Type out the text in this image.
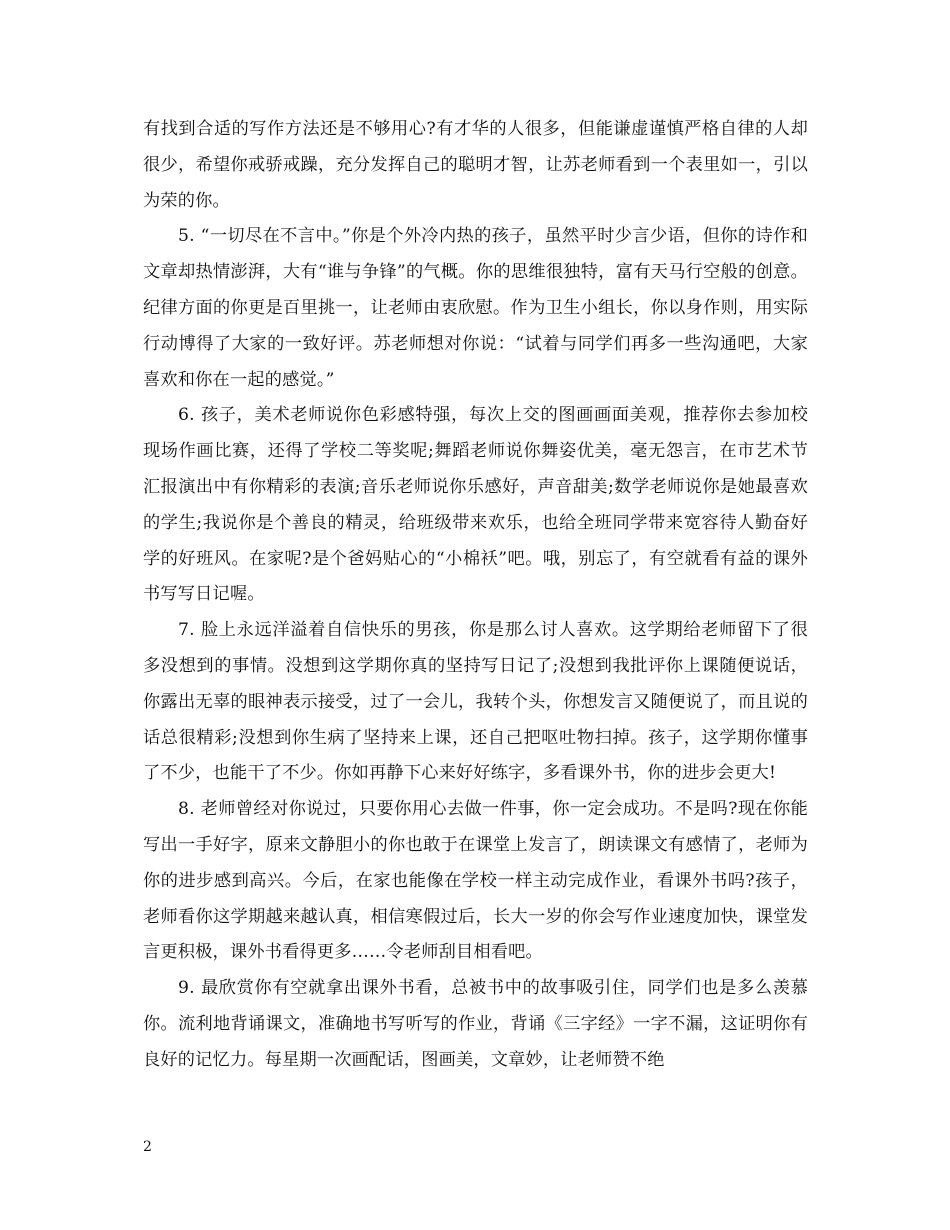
有找到合适的写作方法还是不够用心?有才华的人很多，但能谦虚谨慎严格自律的人却很少，希望你戒骄戒躁，充分发挥自己的聪明才智，让苏老师看到一个表里如一，引以为荣的你。

5. “一切尽在不言中。”你是个外冷内热的孩子，虽然平时少言少语，但你的诗作和文章却热情澎湃，大有“谁与争锋”的气概。你的思维很独特，富有天马行空般的创意。纪律方面的你更是百里挑一，让老师由衷欣慰。作为卫生小组长，你以身作则，用实际行动博得了大家的一致好评。苏老师想对你说：“试着与同学们再多一些沟通吧，大家喜欢和你在一起的感觉。”

6. 孩子，美术老师说你色彩感特强，每次上交的图画画面美观，推荐你去参加校现场作画比赛，还得了学校二等奖呢;舞蹈老师说你舞姿优美，毫无怨言，在市艺术节汇报演出中有你精彩的表演;音乐老师说你乐感好，声音甜美;数学老师说你是她最喜欢的学生;我说你是个善良的精灵，给班级带来欢乐，也给全班同学带来宽容待人勤奋好学的好班风。在家呢?是个爸妈贴心的“小棉袄”吧。哦，别忘了，有空就看有益的课外书写写日记喔。

7. 脸上永远洋溢着自信快乐的男孩，你是那么讨人喜欢。这学期给老师留下了很多没想到的事情。没想到这学期你真的坚持写日记了;没想到我批评你上课随便说话，你露出无辜的眼神表示接受，过了一会儿，我转个头，你想发言又随便说了，而且说的话总很精彩;没想到你生病了坚持来上课，还自己把呕吐物扫掉。孩子，这学期你懂事了不少，也能干了不少。你如再静下心来好好练字，多看课外书，你的进步会更大!

8. 老师曾经对你说过，只要你用心去做一件事，你一定会成功。不是吗?现在你能写出一手好字，原来文静胆小的你也敢于在课堂上发言了，朗读课文有感情了，老师为你的进步感到高兴。今后，在家也能像在学校一样主动完成作业，看课外书吗?孩子，老师看你这学期越来越认真，相信寒假过后，长大一岁的你会写作业速度加快，课堂发言更积极，课外书看得更多……令老师刮目相看吧。

9. 最欣赏你有空就拿出课外书看，总被书中的故事吸引住，同学们也是多么羡慕你。流利地背诵课文，准确地书写听写的作业，背诵《三字经》一字不漏，这证明你有良好的记忆力。每星期一次画配话，图画美，文章妙，让老师赞不绝

2
